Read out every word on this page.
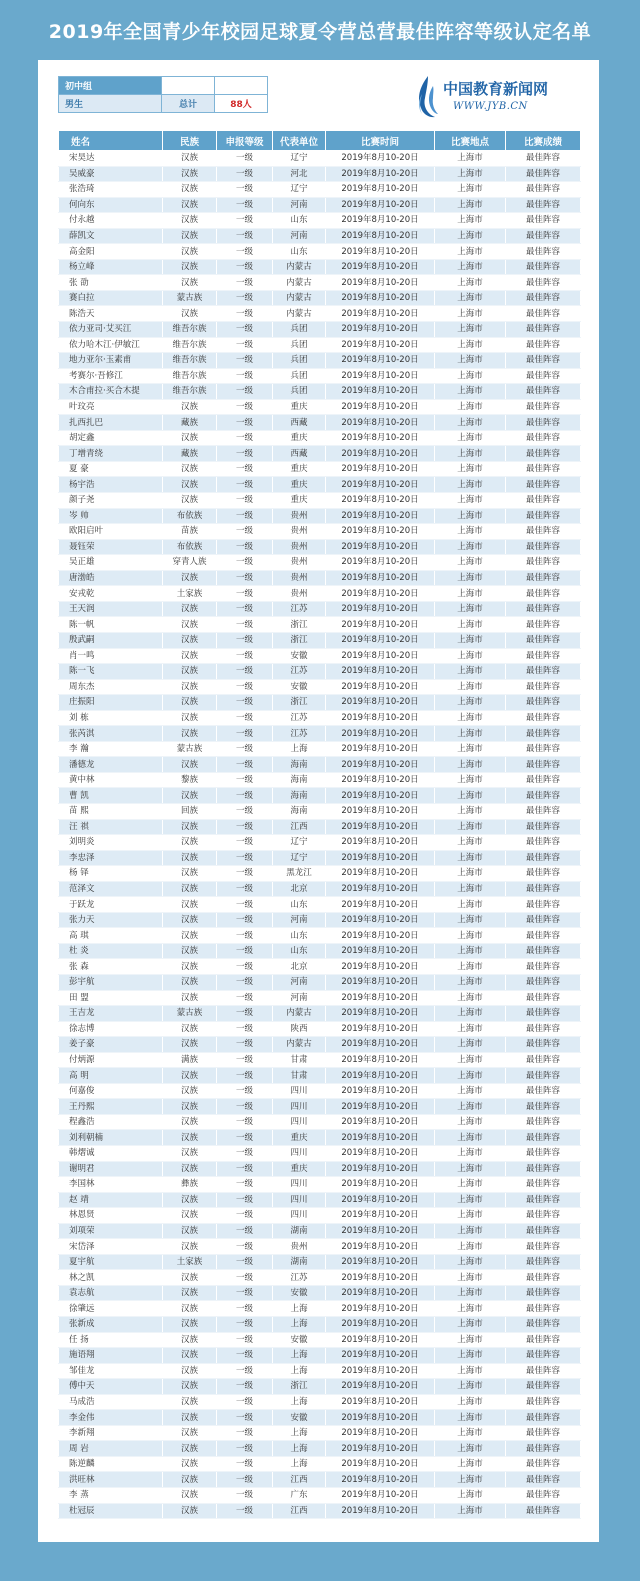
2019年全国青少年校园足球夏令营总营最佳阵容等级认定名单
初中组		
男生	总计	88人
中国教育新闻网
WWW.JYB.CN
姓名	民族	申报等级	代表单位	比赛时间	比赛地点	比赛成绩
宋昊达	汉族	一级	辽宁	2019年8月10-20日	上海市	最佳阵容
吴威豪	汉族	一级	河北	2019年8月10-20日	上海市	最佳阵容
张浩琦	汉族	一级	辽宁	2019年8月10-20日	上海市	最佳阵容
何向东	汉族	一级	河南	2019年8月10-20日	上海市	最佳阵容
付永越	汉族	一级	山东	2019年8月10-20日	上海市	最佳阵容
薛凯文	汉族	一级	河南	2019年8月10-20日	上海市	最佳阵容
高金阳	汉族	一级	山东	2019年8月10-20日	上海市	最佳阵容
杨立峰	汉族	一级	内蒙古	2019年8月10-20日	上海市	最佳阵容
张 劭	汉族	一级	内蒙古	2019年8月10-20日	上海市	最佳阵容
赛白拉	蒙古族	一级	内蒙古	2019年8月10-20日	上海市	最佳阵容
陈浩天	汉族	一级	内蒙古	2019年8月10-20日	上海市	最佳阵容
依力亚司·艾买江	维吾尔族	一级	兵团	2019年8月10-20日	上海市	最佳阵容
依力哈木江·伊敏江	维吾尔族	一级	兵团	2019年8月10-20日	上海市	最佳阵容
地力亚尔·玉素甫	维吾尔族	一级	兵团	2019年8月10-20日	上海市	最佳阵容
考赛尔·吾修江	维吾尔族	一级	兵团	2019年8月10-20日	上海市	最佳阵容
木合甫拉·买合木提	维吾尔族	一级	兵团	2019年8月10-20日	上海市	最佳阵容
叶玟亮	汉族	一级	重庆	2019年8月10-20日	上海市	最佳阵容
扎西扎巴	藏族	一级	西藏	2019年8月10-20日	上海市	最佳阵容
胡定鑫	汉族	一级	重庆	2019年8月10-20日	上海市	最佳阵容
丁增青绕	藏族	一级	西藏	2019年8月10-20日	上海市	最佳阵容
夏 豪	汉族	一级	重庆	2019年8月10-20日	上海市	最佳阵容
杨宇浩	汉族	一级	重庆	2019年8月10-20日	上海市	最佳阵容
颜子尧	汉族	一级	重庆	2019年8月10-20日	上海市	最佳阵容
岑 帅	布依族	一级	贵州	2019年8月10-20日	上海市	最佳阵容
欧阳启叶	苗族	一级	贵州	2019年8月10-20日	上海市	最佳阵容
聂钰荣	布依族	一级	贵州	2019年8月10-20日	上海市	最佳阵容
吴正雄	穿青人族	一级	贵州	2019年8月10-20日	上海市	最佳阵容
唐渤皓	汉族	一级	贵州	2019年8月10-20日	上海市	最佳阵容
安戎乾	土家族	一级	贵州	2019年8月10-20日	上海市	最佳阵容
王天润	汉族	一级	江苏	2019年8月10-20日	上海市	最佳阵容
陈一帆	汉族	一级	浙江	2019年8月10-20日	上海市	最佳阵容
殷武嗣	汉族	一级	浙江	2019年8月10-20日	上海市	最佳阵容
肖一鸣	汉族	一级	安徽	2019年8月10-20日	上海市	最佳阵容
陈一飞	汉族	一级	江苏	2019年8月10-20日	上海市	最佳阵容
周东杰	汉族	一级	安徽	2019年8月10-20日	上海市	最佳阵容
庄振阳	汉族	一级	浙江	2019年8月10-20日	上海市	最佳阵容
刘 栋	汉族	一级	江苏	2019年8月10-20日	上海市	最佳阵容
张芮淇	汉族	一级	江苏	2019年8月10-20日	上海市	最佳阵容
李 瀚	蒙古族	一级	上海	2019年8月10-20日	上海市	最佳阵容
潘德龙	汉族	一级	海南	2019年8月10-20日	上海市	最佳阵容
黄中林	黎族	一级	海南	2019年8月10-20日	上海市	最佳阵容
曹 凯	汉族	一级	海南	2019年8月10-20日	上海市	最佳阵容
苗 熙	回族	一级	海南	2019年8月10-20日	上海市	最佳阵容
汪 祺	汉族	一级	江西	2019年8月10-20日	上海市	最佳阵容
刘明炎	汉族	一级	辽宁	2019年8月10-20日	上海市	最佳阵容
李忠泽	汉族	一级	辽宁	2019年8月10-20日	上海市	最佳阵容
杨 铎	汉族	一级	黑龙江	2019年8月10-20日	上海市	最佳阵容
范泽文	汉族	一级	北京	2019年8月10-20日	上海市	最佳阵容
于跃龙	汉族	一级	山东	2019年8月10-20日	上海市	最佳阵容
张力天	汉族	一级	河南	2019年8月10-20日	上海市	最佳阵容
高 琪	汉族	一级	山东	2019年8月10-20日	上海市	最佳阵容
杜 炎	汉族	一级	山东	2019年8月10-20日	上海市	最佳阵容
张 森	汉族	一级	北京	2019年8月10-20日	上海市	最佳阵容
彭宇航	汉族	一级	河南	2019年8月10-20日	上海市	最佳阵容
田 盟	汉族	一级	河南	2019年8月10-20日	上海市	最佳阵容
王吉龙	蒙古族	一级	内蒙古	2019年8月10-20日	上海市	最佳阵容
徐志博	汉族	一级	陕西	2019年8月10-20日	上海市	最佳阵容
姜子豪	汉族	一级	内蒙古	2019年8月10-20日	上海市	最佳阵容
付炳源	满族	一级	甘肃	2019年8月10-20日	上海市	最佳阵容
高 明	汉族	一级	甘肃	2019年8月10-20日	上海市	最佳阵容
何嘉俊	汉族	一级	四川	2019年8月10-20日	上海市	最佳阵容
王丹熙	汉族	一级	四川	2019年8月10-20日	上海市	最佳阵容
程鑫浩	汉族	一级	四川	2019年8月10-20日	上海市	最佳阵容
刘利朝楠	汉族	一级	重庆	2019年8月10-20日	上海市	最佳阵容
韩熠诚	汉族	一级	四川	2019年8月10-20日	上海市	最佳阵容
谢明君	汉族	一级	重庆	2019年8月10-20日	上海市	最佳阵容
李国林	彝族	一级	四川	2019年8月10-20日	上海市	最佳阵容
赵 靖	汉族	一级	四川	2019年8月10-20日	上海市	最佳阵容
林恩贤	汉族	一级	四川	2019年8月10-20日	上海市	最佳阵容
刘项荣	汉族	一级	湖南	2019年8月10-20日	上海市	最佳阵容
宋岱泽	汉族	一级	贵州	2019年8月10-20日	上海市	最佳阵容
夏宇航	土家族	一级	湖南	2019年8月10-20日	上海市	最佳阵容
林之凯	汉族	一级	江苏	2019年8月10-20日	上海市	最佳阵容
袁志航	汉族	一级	安徽	2019年8月10-20日	上海市	最佳阵容
徐肇远	汉族	一级	上海	2019年8月10-20日	上海市	最佳阵容
张新成	汉族	一级	上海	2019年8月10-20日	上海市	最佳阵容
任 扬	汉族	一级	安徽	2019年8月10-20日	上海市	最佳阵容
施语翔	汉族	一级	上海	2019年8月10-20日	上海市	最佳阵容
邹佳龙	汉族	一级	上海	2019年8月10-20日	上海市	最佳阵容
傅中天	汉族	一级	浙江	2019年8月10-20日	上海市	最佳阵容
马成浩	汉族	一级	上海	2019年8月10-20日	上海市	最佳阵容
李金伟	汉族	一级	安徽	2019年8月10-20日	上海市	最佳阵容
李新翔	汉族	一级	上海	2019年8月10-20日	上海市	最佳阵容
周 岩	汉族	一级	上海	2019年8月10-20日	上海市	最佳阵容
陈逆麟	汉族	一级	上海	2019年8月10-20日	上海市	最佳阵容
洪旺林	汉族	一级	江西	2019年8月10-20日	上海市	最佳阵容
李 蒸	汉族	一级	广东	2019年8月10-20日	上海市	最佳阵容
杜冠辰	汉族	一级	江西	2019年8月10-20日	上海市	最佳阵容
